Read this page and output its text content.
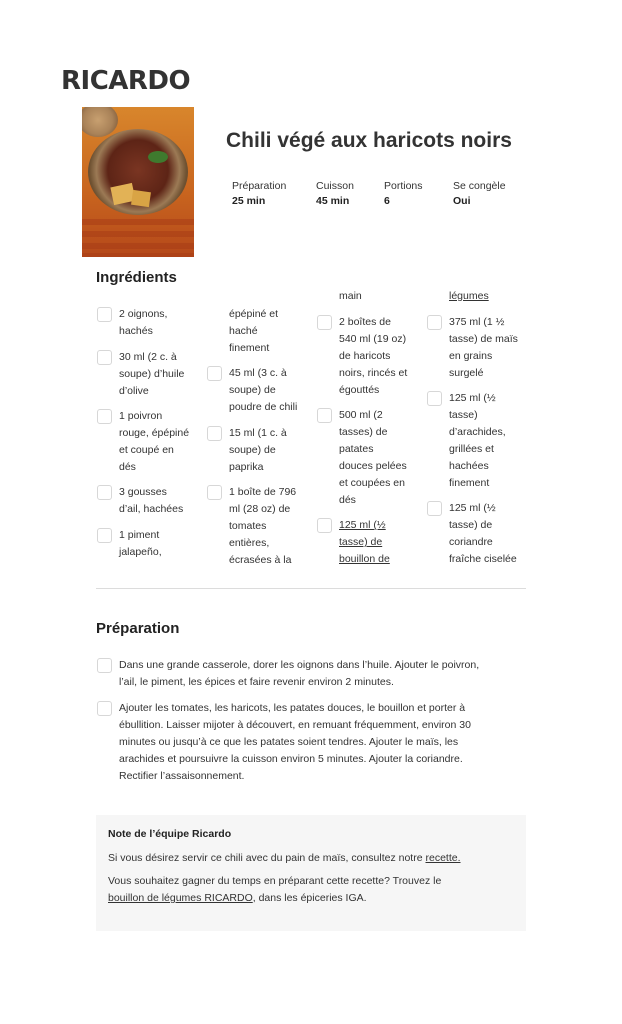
RICARDO
Chili végé aux haricots noirs
Préparation
25 min
Cuisson
45 min
Portions
6
Se congèle
Oui
Ingrédients
2 oignons,
hachés
30 ml (2 c. à
soupe) d’huile
d’olive
1 poivron
rouge, épépiné
et coupé en
dés
3 gousses
d’ail, hachées
1 piment
jalapeño,
épépiné et
haché
finement
45 ml (3 c. à
soupe) de
poudre de chili
15 ml (1 c. à
soupe) de
paprika
1 boîte de 796
ml (28 oz) de
tomates
entières,
écrasées à la
main
2 boîtes de
540 ml (19 oz)
de haricots
noirs, rincés et
égouttés
500 ml (2
tasses) de
patates
douces pelées
et coupées en
dés
125 ml (½
tasse) de
bouillon de
légumes
375 ml (1 ½
tasse) de maïs
en grains
surgelé
125 ml (½
tasse)
d’arachides,
grillées et
hachées
finement
125 ml (½
tasse) de
coriandre
fraîche ciselée
Préparation
Dans une grande casserole, dorer les oignons dans l’huile. Ajouter le poivron,
l’ail, le piment, les épices et faire revenir environ 2 minutes.
Ajouter les tomates, les haricots, les patates douces, le bouillon et porter à
ébullition. Laisser mijoter à découvert, en remuant fréquemment, environ 30
minutes ou jusqu’à ce que les patates soient tendres. Ajouter le maïs, les
arachides et poursuivre la cuisson environ 5 minutes. Ajouter la coriandre.
Rectifier l’assaisonnement.
Note de l’équipe Ricardo
Si vous désirez servir ce chili avec du pain de maïs, consultez notre recette.
Vous souhaitez gagner du temps en préparant cette recette? Trouvez le
bouillon de légumes RICARDO, dans les épiceries IGA.
